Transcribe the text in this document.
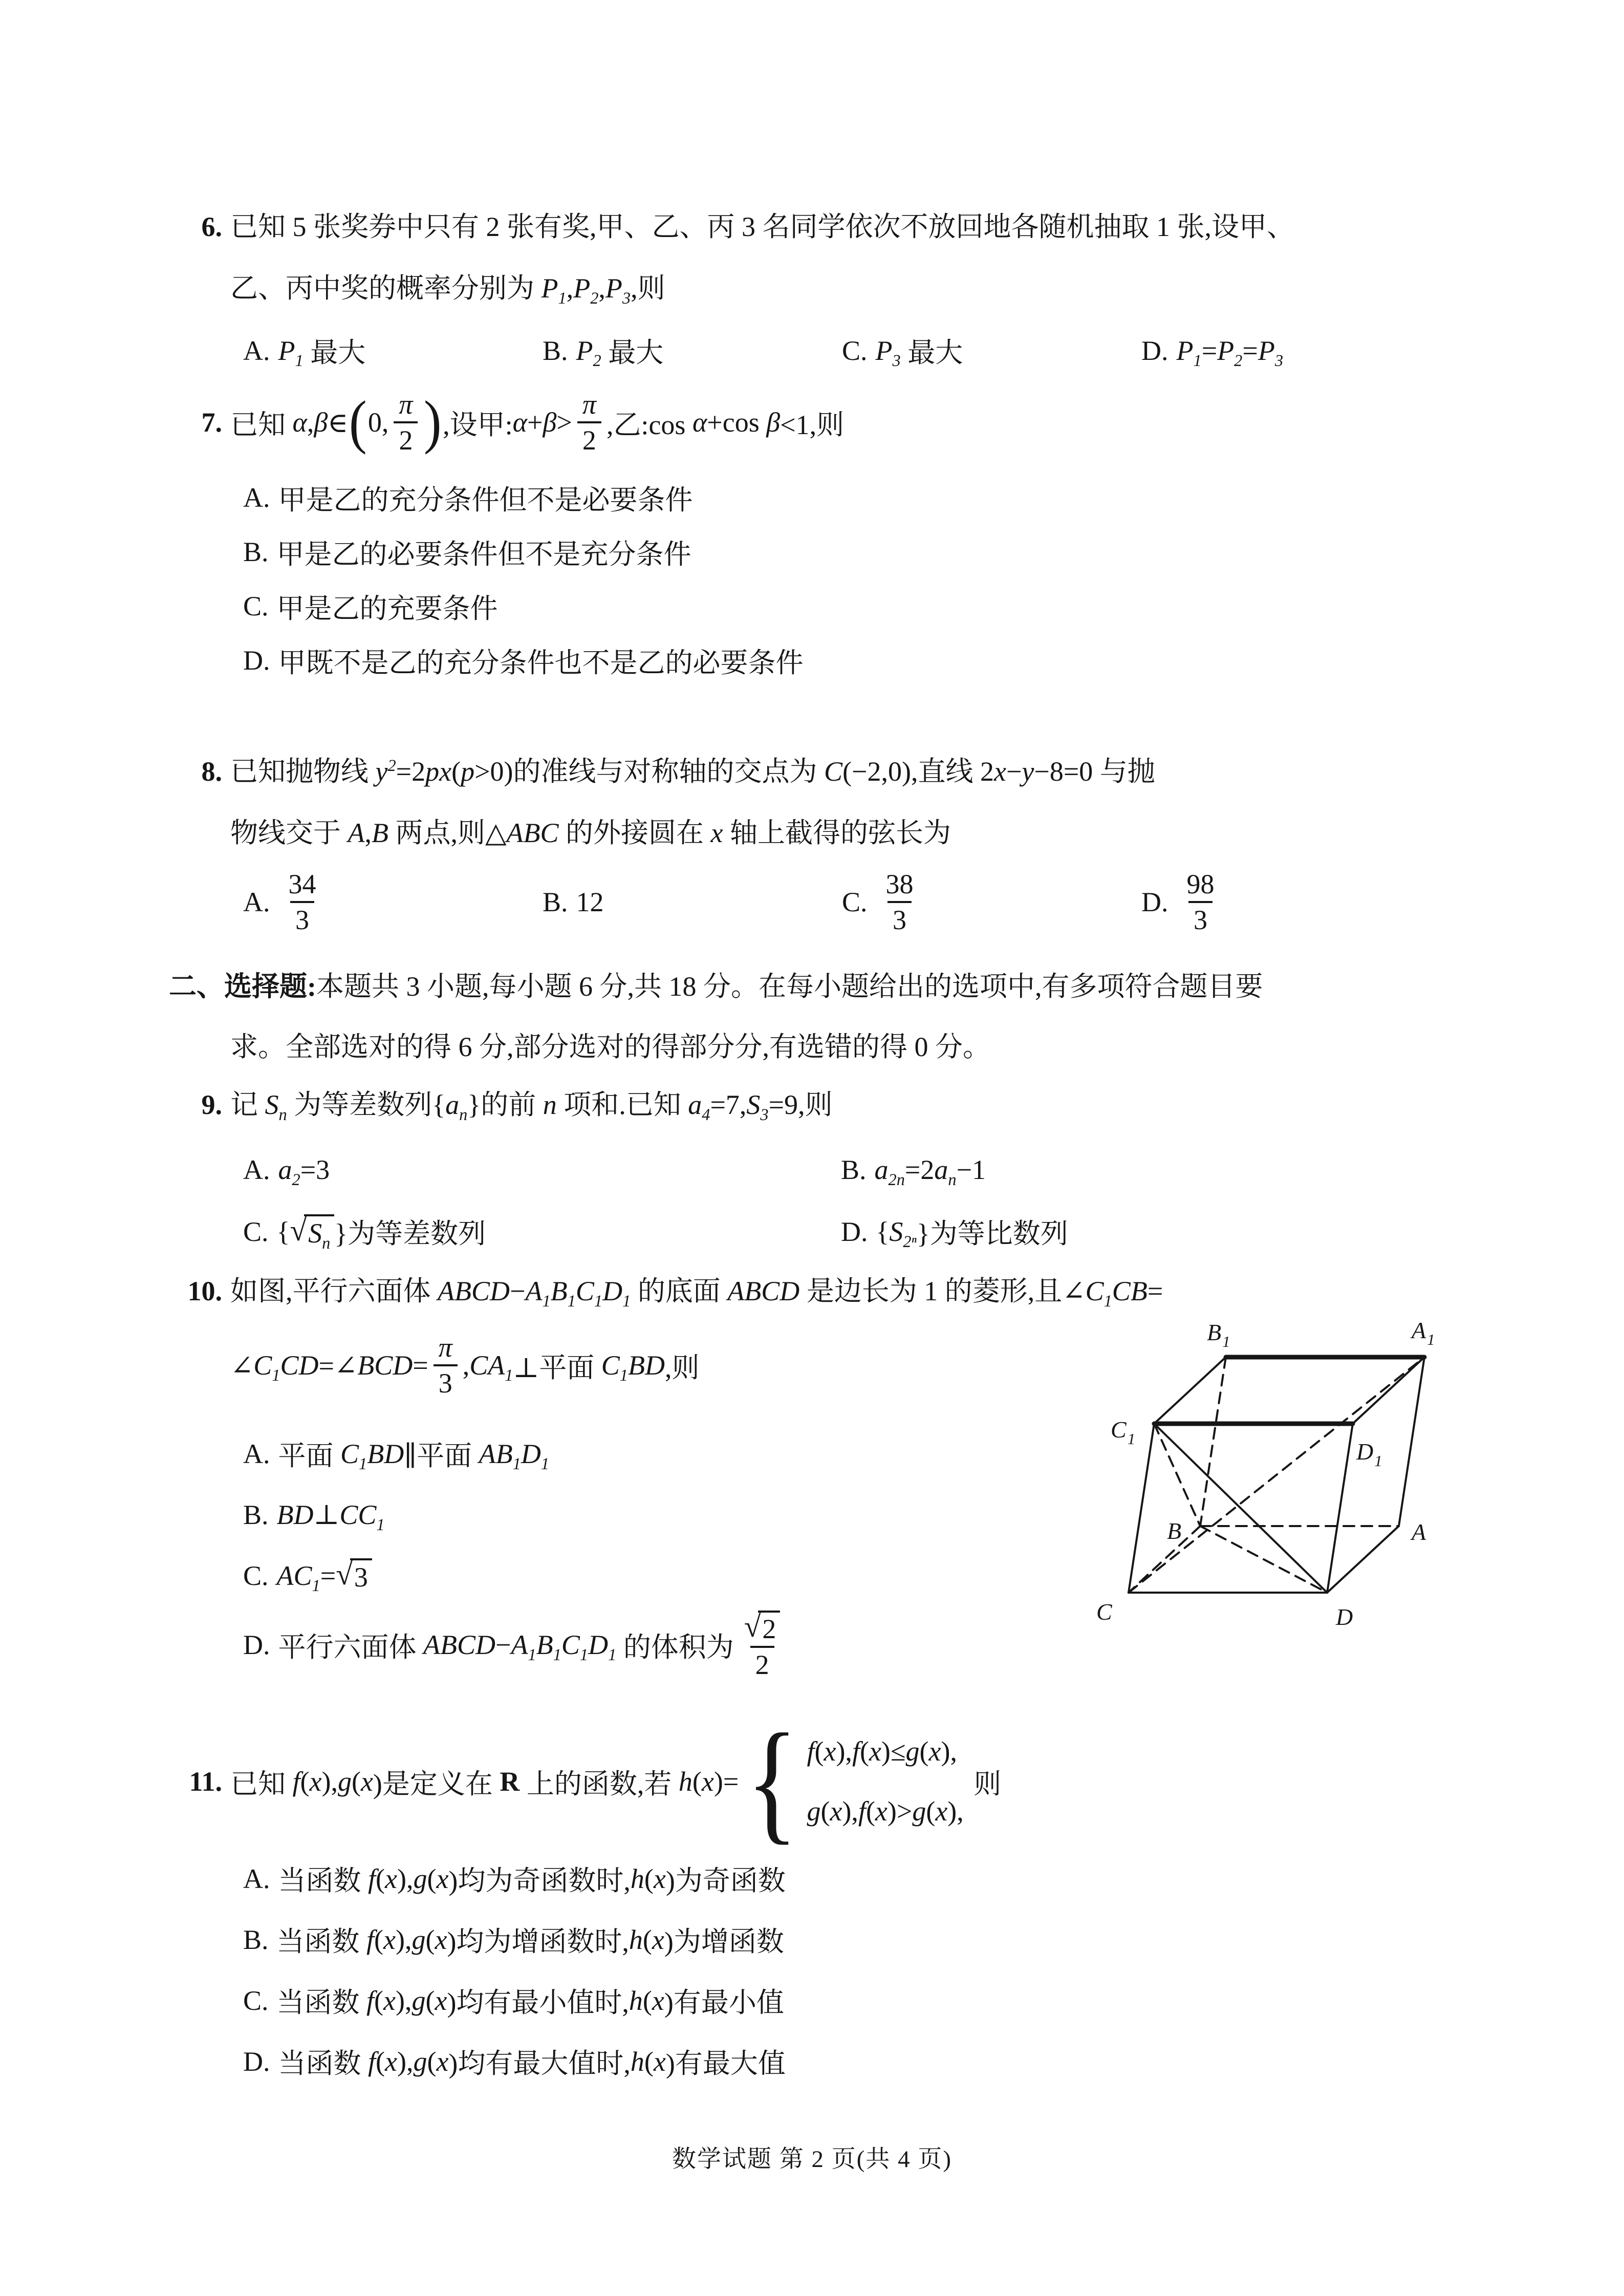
6. 已知 5 张奖券中只有 2 张有奖,甲、乙、丙 3 名同学依次不放回地各随机抽取 1 张,设甲、
乙、丙中奖的概率分别为 $P_1,P_2,P_3$,则
A. $P_1$ 最大	B. $P_2$ 最大	C. $P_3$ 最大	D. $P_1 = P_2 = P_3$
7. 已知 α , β ∈ ( 0, $\frac{\pi}{2}$ ) ,设甲: $\alpha + \beta > \frac{\pi}{2}$ ,乙:cos α +cos β <1,则
A. 甲是乙的充分条件但不是必要条件
B. 甲是乙的必要条件但不是充分条件
C. 甲是乙的充要条件
D. 甲既不是乙的充分条件也不是乙的必要条件
8. 已知抛物线 $y^2=2px(p>0)$的准线与对称轴的交点为 C(−2,0),直线 2x−y−8=0 与抛
物线交于 A,B 两点,则△ABC 的外接圆在 x 轴上截得的弦长为
A. $\frac{34}{3}$	B. 12	C. $\frac{38}{3}$	D. $\frac{98}{3}$
二、选择题:本题共 3 小题,每小题 6 分,共 18 分。在每小题给出的选项中,有多项符合题目要
求。全部选对的得 6 分,部分选对的得部分分,有选错的得 0 分。
9. 记 $S_n$ 为等差数列$\{a_n\}$的前 n 项和.已知 $a_4=7,S_3=9$,则
A. $a_2 =3$	B. $a_{2n} =2$ $a_n -1$
C. { √ $S_n$ }为等差数列	D. { $S_{2^n}$ }为等比数列
10. 如图,平行六面体 $ABCD-A_1B_1C_1D_1$ 的底面 ABCD 是边长为 1 的菱形,且$\angle C_1CB=$
∠ $C_1$ CD =∠ BCD = $\frac{\pi}{3}$ , $CA_1$ ⊥平面 $C_1$ BD ,则
A. 平面 $C_1$ BD ∥平面 $AB_1$ $D_1$
B. BD ⊥ $CC_1$
C. $AC_1$ = √ 3
D. 平行六面体 ABCD − $A_1$ $B_1$ $C_1$ $D_1$ 的体积为 $\frac{√ 2}{2}$
$B_1$	$A_1$
$C_1$	$D_1$
B	A
C	D
11. 已知 f ( x ), g ( x )是定义在 R 上的函数,若 h ( x )= { f ( x ), f ( x )≤ g ( x ),
g ( x ), f ( x )> g ( x ),
则
A. 当函数 f ( x ), g ( x )均为奇函数时, h ( x )为奇函数
B. 当函数 f ( x ), g ( x )均为增函数时, h ( x )为增函数
C. 当函数 f ( x ), g ( x )均有最小值时, h ( x )有最小值
D. 当函数 f ( x ), g ( x )均有最大值时, h ( x )有最大值
数学试题 第 2 页(共 4 页)
